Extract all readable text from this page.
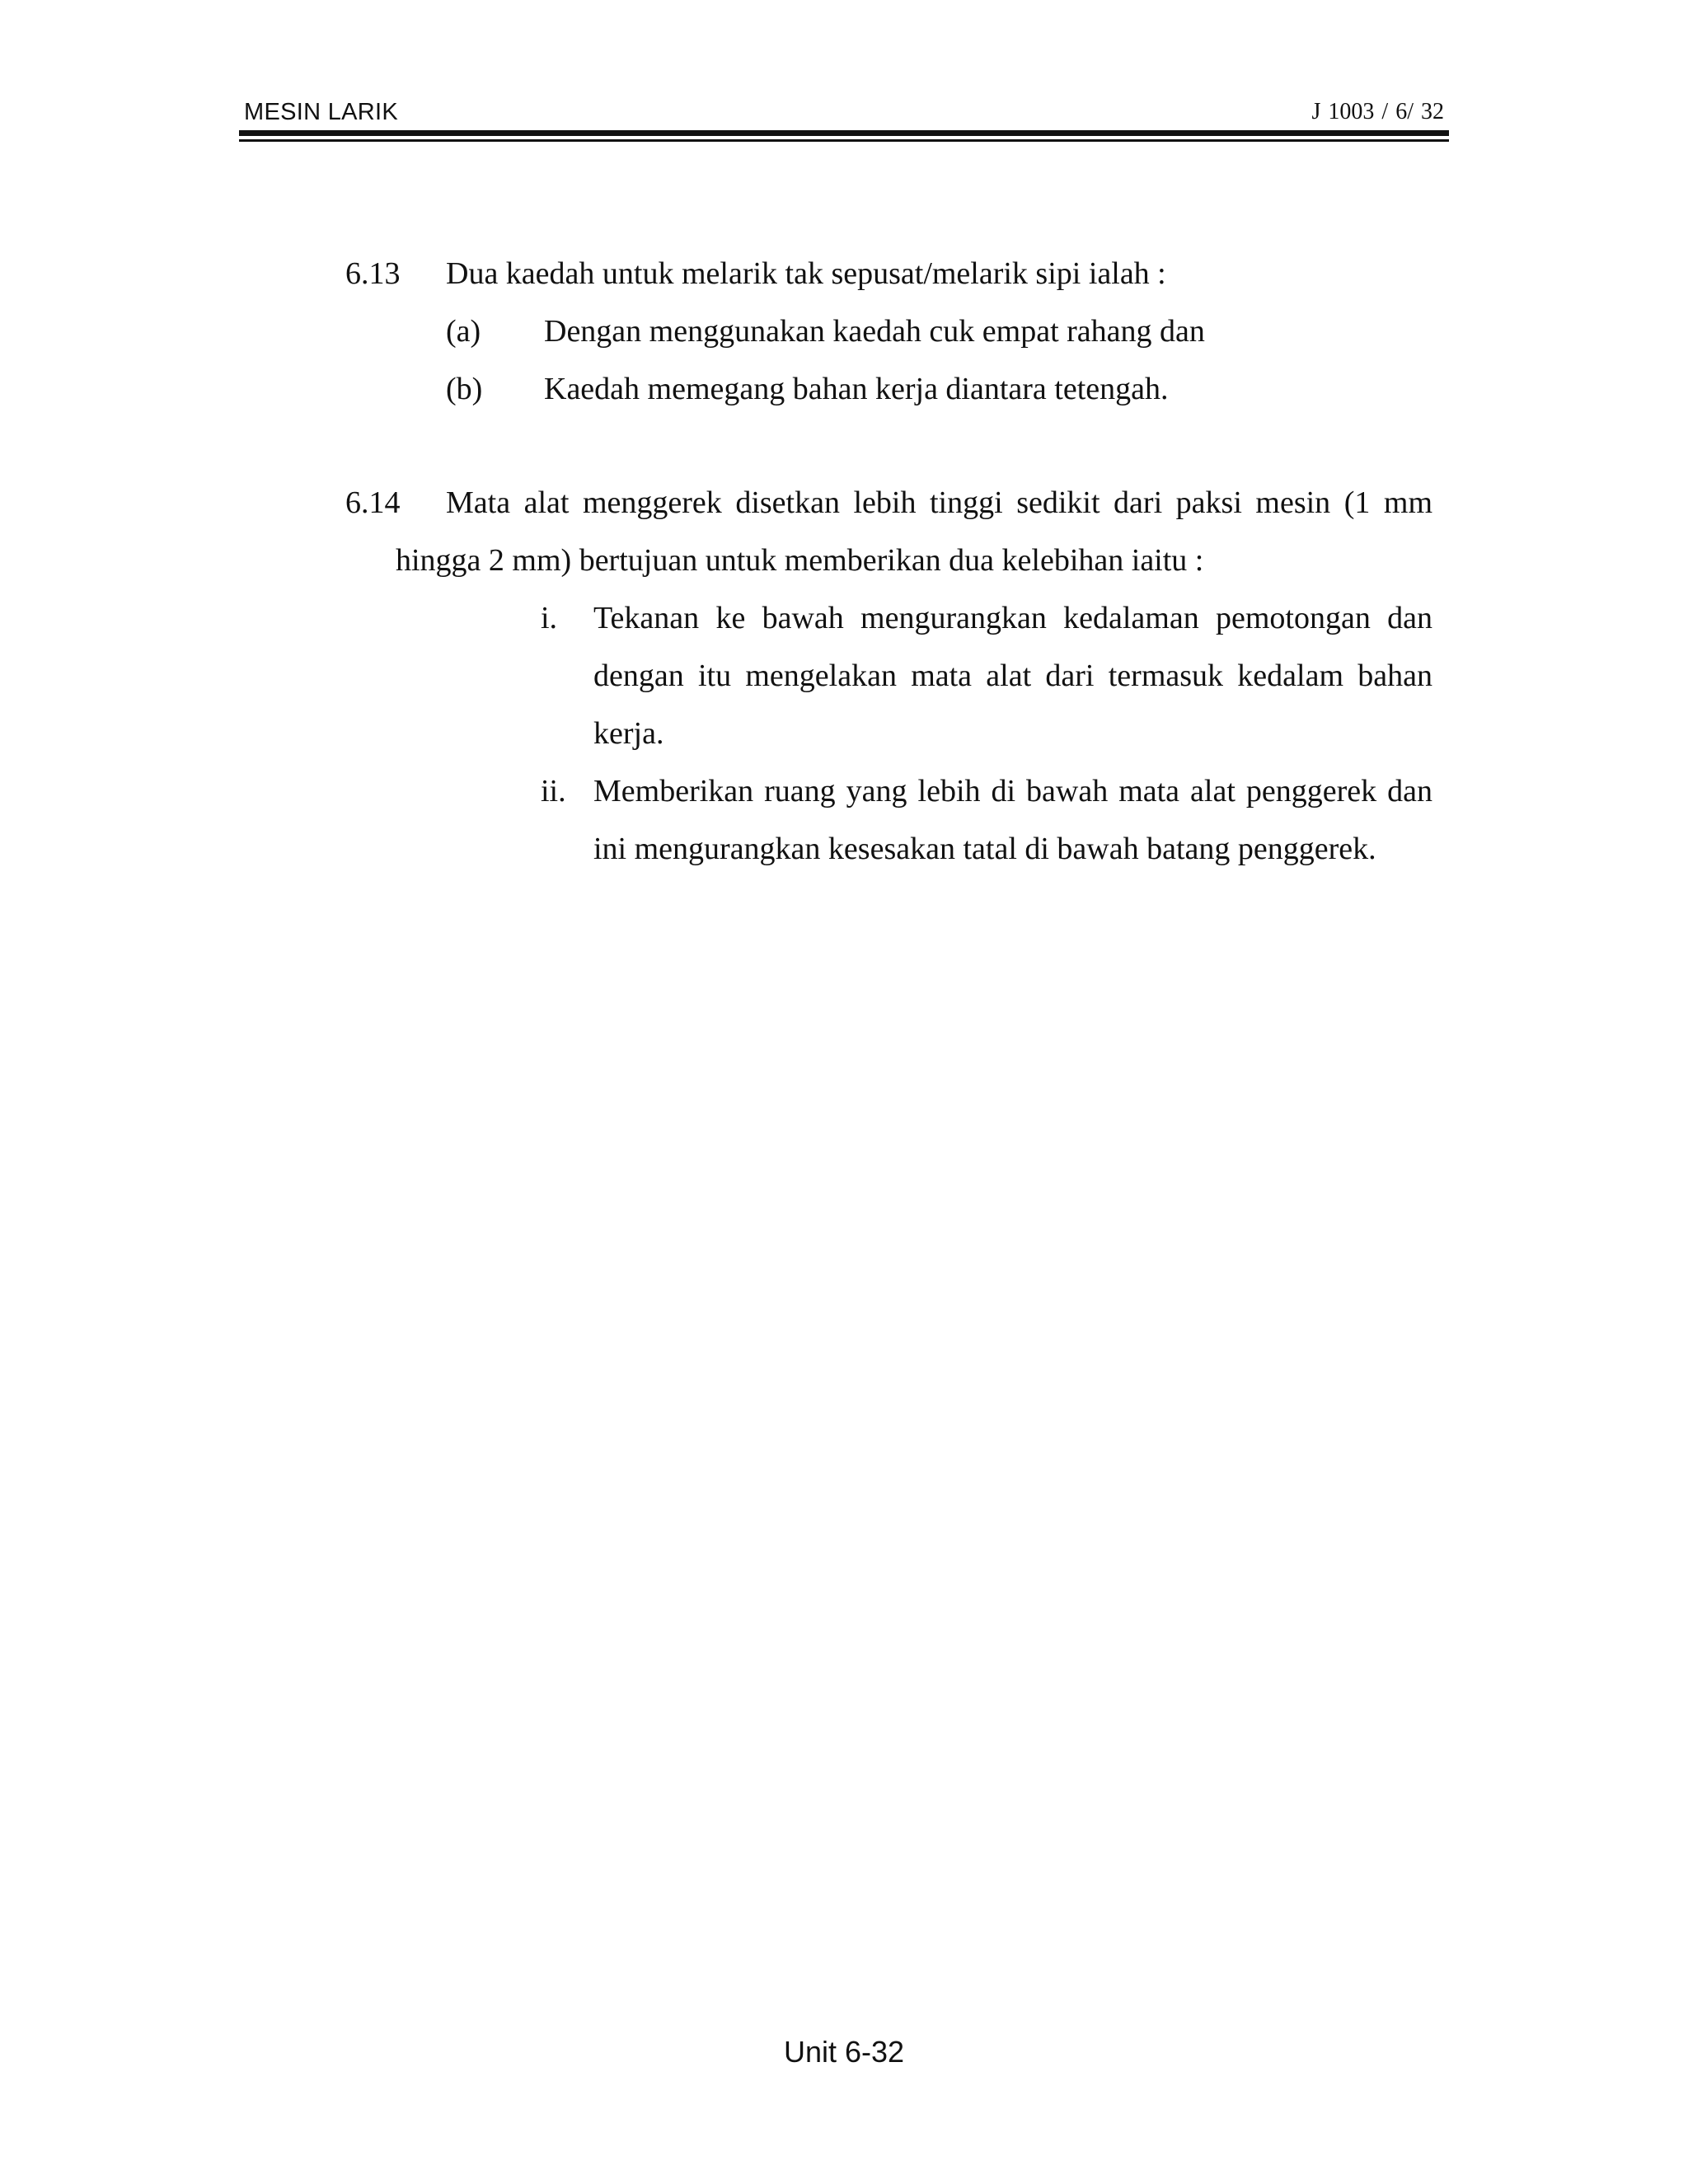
MESIN LARIK	J 1003 / 6/ 32
6.13 Dua kaedah untuk melarik tak sepusat/melarik sipi ialah :
(a) Dengan menggunakan kaedah cuk empat rahang dan
(b) Kaedah memegang bahan kerja diantara tetengah.
6.14 Mata alat menggerek disetkan lebih tinggi sedikit dari paksi mesin (1 mm hingga 2 mm) bertujuan untuk memberikan dua kelebihan iaitu :
i.	Tekanan ke bawah mengurangkan kedalaman pemotongan dan dengan itu mengelakan mata alat dari termasuk kedalam bahan kerja.
ii. Memberikan ruang yang lebih di bawah mata alat penggerek dan ini mengurangkan kesesakan tatal di bawah batang penggerek.
Unit 6-32
